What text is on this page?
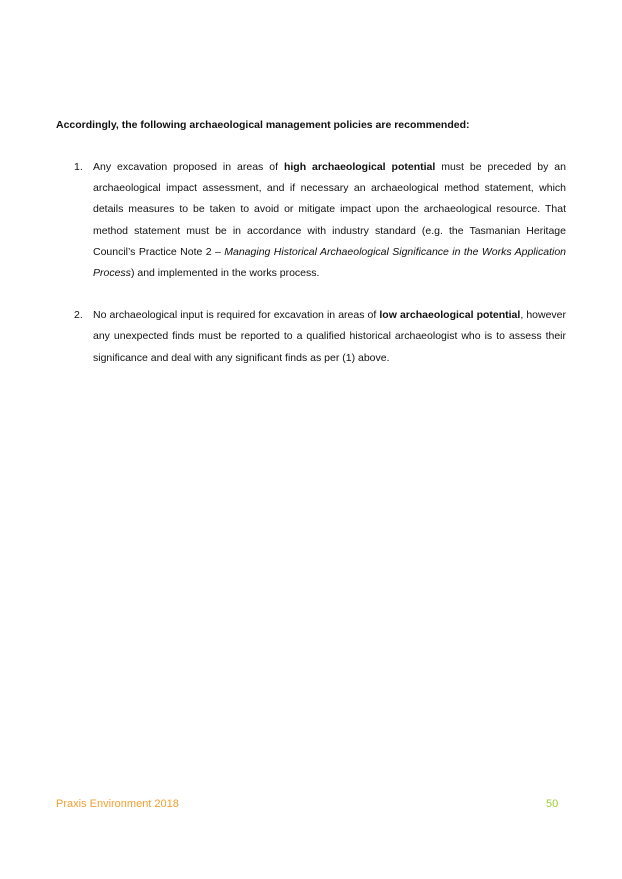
Accordingly, the following archaeological management policies are recommended:
1. Any excavation proposed in areas of high archaeological potential must be preceded by an archaeological impact assessment, and if necessary an archaeological method statement, which details measures to be taken to avoid or mitigate impact upon the archaeological resource. That method statement must be in accordance with industry standard (e.g. the Tasmanian Heritage Council’s Practice Note 2 – Managing Historical Archaeological Significance in the Works Application Process) and implemented in the works process.
2. No archaeological input is required for excavation in areas of low archaeological potential, however any unexpected finds must be reported to a qualified historical archaeologist who is to assess their significance and deal with any significant finds as per (1) above.
Praxis Environment 2018	50
